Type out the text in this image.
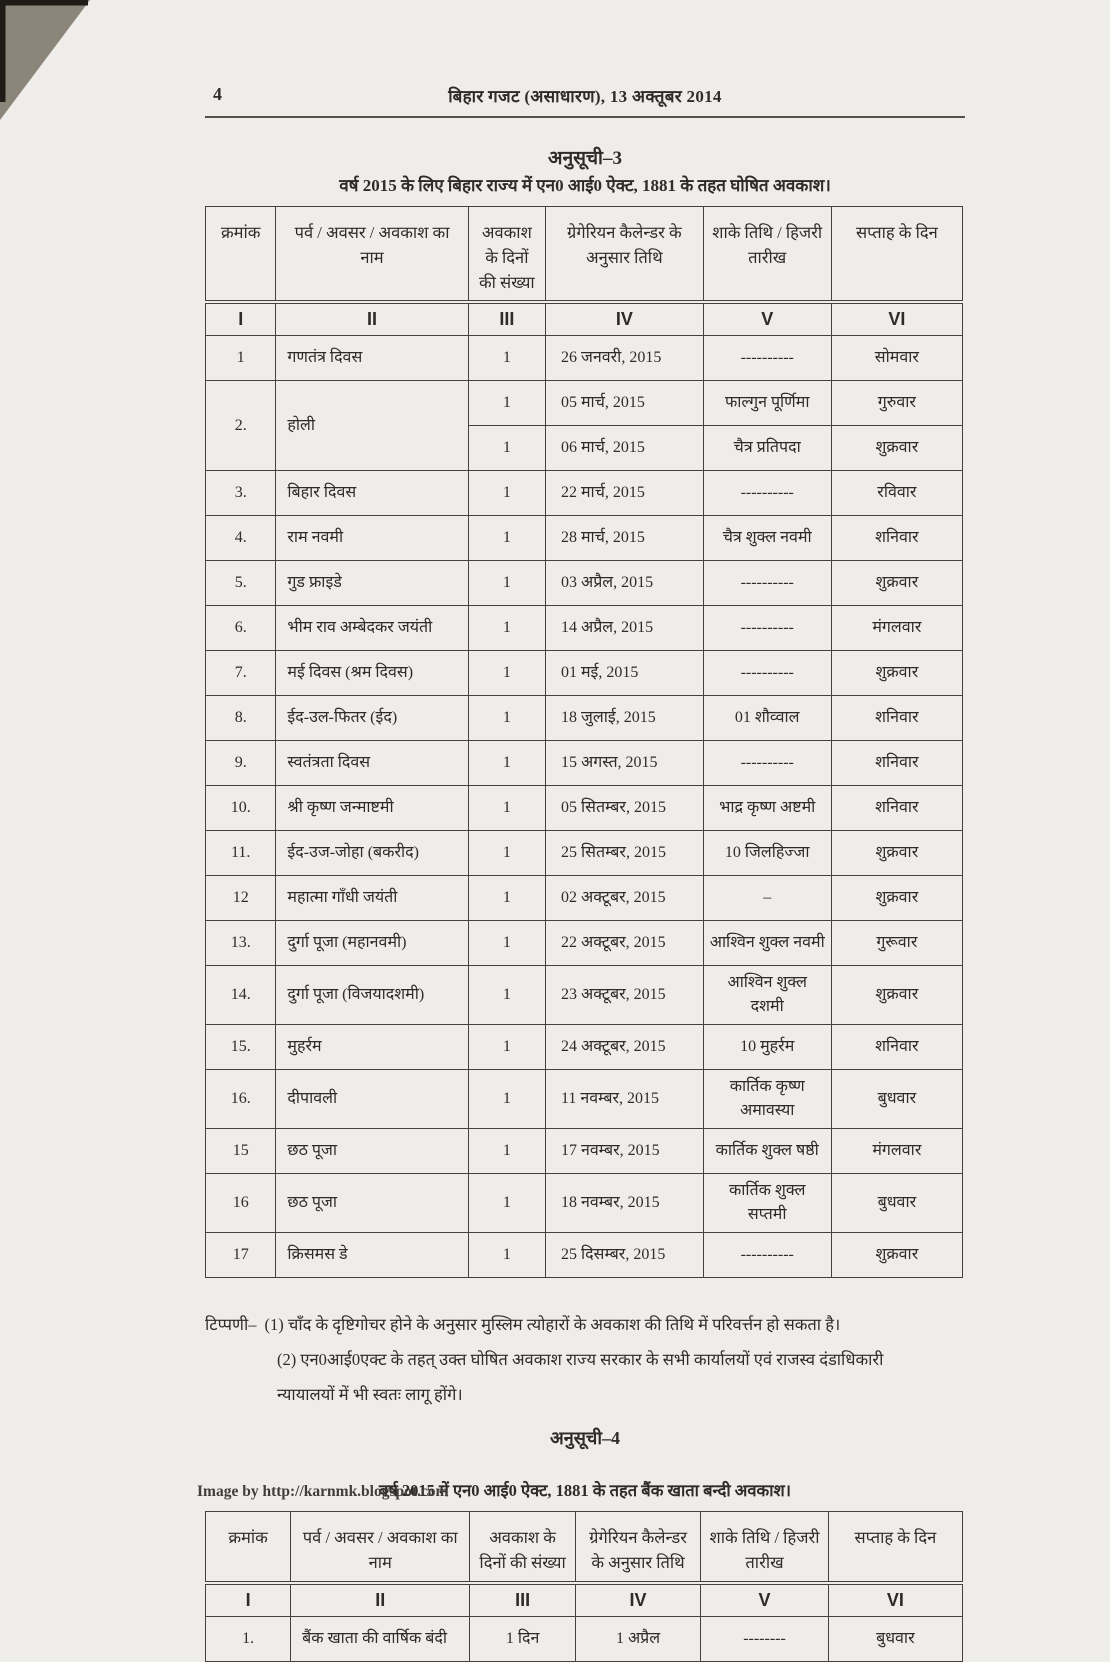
4	बिहार गजट (असाधारण), 13 अक्तूबर 2014
अनुसूची–3
वर्ष 2015 के लिए बिहार राज्य में एन0 आई0 ऐक्ट, 1881 के तहत घोषित अवकाश।
क्रमांक	पर्व / अवसर / अवकाश का नाम	अवकाश के दिनों की संख्या	ग्रेगेरियन कैलेन्डर के अनुसार तिथि	शाके तिथि / हिजरी तारीख	सप्ताह के दिन
I	II	III	IV	V	VI
1	गणतंत्र दिवस	1	26 जनवरी, 2015	----------	सोमवार
2.	होली	1	05 मार्च, 2015	फाल्गुन पूर्णिमा	गुरुवार
		1	06 मार्च, 2015	चैत्र प्रतिपदा	शुक्रवार
3.	बिहार दिवस	1	22 मार्च, 2015	----------	रविवार
4.	राम नवमी	1	28 मार्च, 2015	चैत्र शुक्ल नवमी	शनिवार
5.	गुड फ्राइडे	1	03 अप्रैल, 2015	----------	शुक्रवार
6.	भीम राव अम्बेदकर जयंती	1	14 अप्रैल, 2015	----------	मंगलवार
7.	मई दिवस (श्रम दिवस)	1	01 मई, 2015	----------	शुक्रवार
8.	ईद-उल-फितर (ईद)	1	18 जुलाई, 2015	01 शौव्वाल	शनिवार
9.	स्वतंत्रता दिवस	1	15 अगस्त, 2015	----------	शनिवार
10.	श्री कृष्ण जन्माष्टमी	1	05 सितम्बर, 2015	भाद्र कृष्ण अष्टमी	शनिवार
11.	ईद-उज-जोहा (बकरीद)	1	25 सितम्बर, 2015	10 जिलहिज्जा	शुक्रवार
12	महात्मा गाँधी जयंती	1	02 अक्टूबर, 2015	–	शुक्रवार
13.	दुर्गा पूजा (महानवमी)	1	22 अक्टूबर, 2015	आश्विन शुक्ल नवमी	गुरूवार
14.	दुर्गा पूजा (विजयादशमी)	1	23 अक्टूबर, 2015	आश्विन शुक्ल दशमी	शुक्रवार
15.	मुहर्रम	1	24 अक्टूबर, 2015	10 मुहर्रम	शनिवार
16.	दीपावली	1	11 नवम्बर, 2015	कार्तिक कृष्ण अमावस्या	बुधवार
15	छठ पूजा	1	17 नवम्बर, 2015	कार्तिक शुक्ल षष्ठी	मंगलवार
16	छठ पूजा	1	18 नवम्बर, 2015	कार्तिक शुक्ल सप्तमी	बुधवार
17	क्रिसमस डे	1	25 दिसम्बर, 2015	----------	शुक्रवार
टिप्पणी– (1) चाँद के दृष्टिगोचर होने के अनुसार मुस्लिम त्योहारों के अवकाश की तिथि में परिवर्त्तन हो सकता है।
(2) एन0आई0एक्ट के तहत् उक्त घोषित अवकाश राज्य सरकार के सभी कार्यालयों एवं राजस्व दंडाधिकारी न्यायालयों में भी स्वतः लागू होंगे।
अनुसूची–4
वर्ष 2015 में एन0 आई0 ऐक्ट, 1881 के तहत बैंक खाता बन्दी अवकाश।
क्रमांक	पर्व / अवसर / अवकाश का नाम	अवकाश के दिनों की संख्या	ग्रेगेरियन कैलेन्डर के अनुसार तिथि	शाके तिथि / हिजरी तारीख	सप्ताह के दिन
I	II	III	IV	V	VI
1.	बैंक खाता की वार्षिक बंदी	1 दिन	1 अप्रैल	--------	बुधवार
Image by http://karnmk.blogspot.com
